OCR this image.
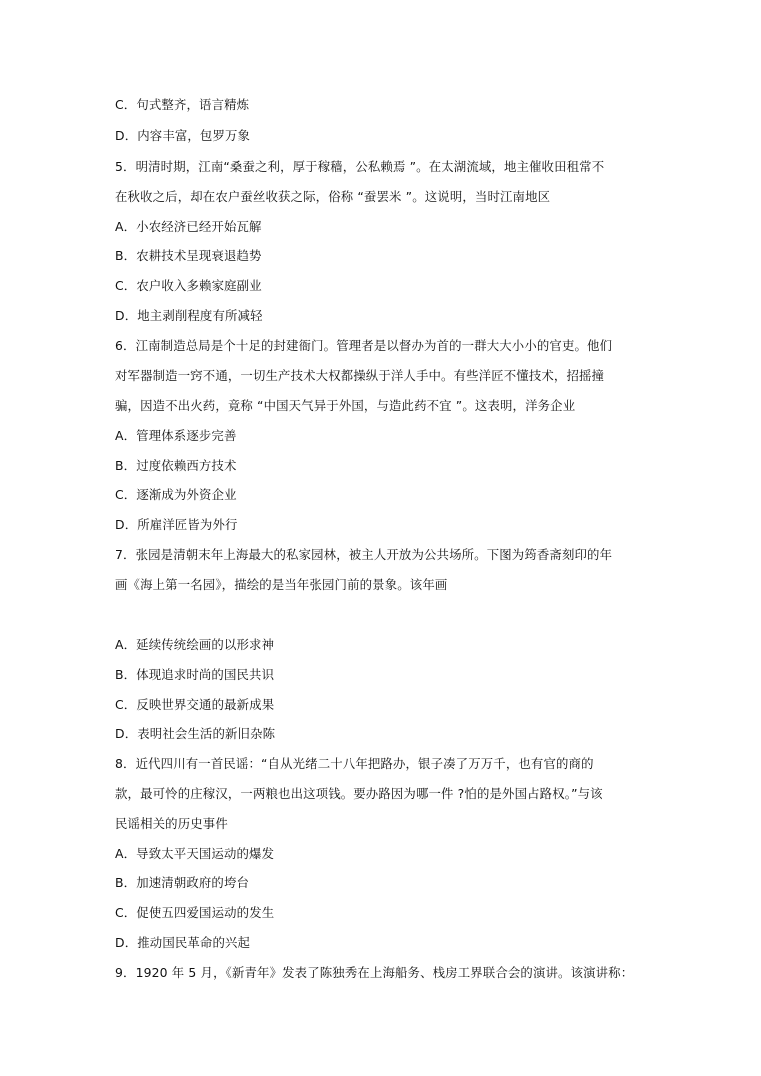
C．句式整齐，语言精炼
D．内容丰富，包罗万象
5．明清时期，江南“桑蚕之利，厚于稼穑，公私赖焉 ”。在太湖流域，地主催收田租常不
在秋收之后，却在农户蚕丝收获之际，俗称 “蚕罢米 ”。这说明，当时江南地区
A．小农经济已经开始瓦解
B．农耕技术呈现衰退趋势
C．农户收入多赖家庭副业
D．地主剥削程度有所减轻
6．江南制造总局是个十足的封建衙门。管理者是以督办为首的一群大大小小的官吏。他们
对军器制造一窍不通，一切生产技术大权都操纵于洋人手中。有些洋匠不懂技术，招摇撞
骗，因造不出火药，竟称 “中国天气异于外国，与造此药不宜 ”。这表明，洋务企业
A．管理体系逐步完善
B．过度依赖西方技术
C．逐渐成为外资企业
D．所雇洋匠皆为外行
7．张园是清朝末年上海最大的私家园林，被主人开放为公共场所。下图为筠香斋刻印的年
画《海上第一名园》，描绘的是当年张园门前的景象。该年画
A．延续传统绘画的以形求神
B．体现追求时尚的国民共识
C．反映世界交通的最新成果
D．表明社会生活的新旧杂陈
8．近代四川有一首民谣：“自从光绪二十八年把路办，银子凑了万万千，也有官的商的
款，最可怜的庄稼汉，一两粮也出这项钱。要办路因为哪一件 ?怕的是外国占路权。”与该
民谣相关的历史事件
A．导致太平天国运动的爆发
B．加速清朝政府的垮台
C．促使五四爱国运动的发生
D．推动国民革命的兴起
9．1920 年 5 月，《新青年》发表了陈独秀在上海船务、栈房工界联合会的演讲。该演讲称：
